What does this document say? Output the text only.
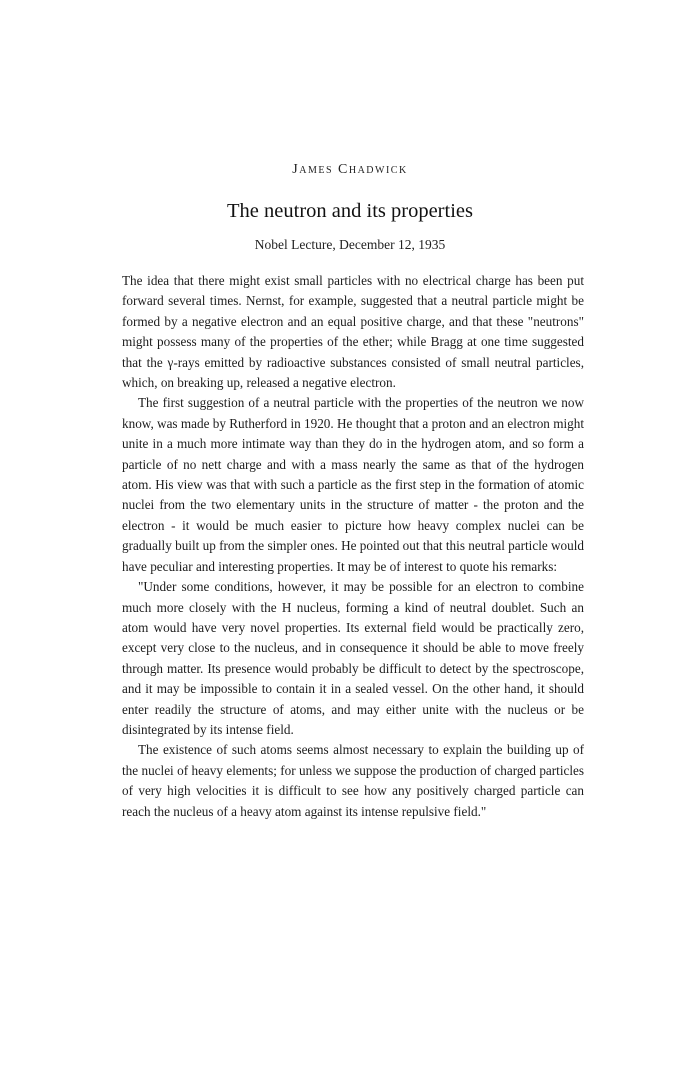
James Chadwick
The neutron and its properties
Nobel Lecture, December 12, 1935

The idea that there might exist small particles with no electrical charge has been put forward several times. Nernst, for example, suggested that a neutral particle might be formed by a negative electron and an equal positive charge, and that these "neutrons" might possess many of the properties of the ether; while Bragg at one time suggested that the γ-rays emitted by radioactive substances consisted of small neutral particles, which, on breaking up, released a negative electron.

The first suggestion of a neutral particle with the properties of the neutron we now know, was made by Rutherford in 1920. He thought that a proton and an electron might unite in a much more intimate way than they do in the hydrogen atom, and so form a particle of no nett charge and with a mass nearly the same as that of the hydrogen atom. His view was that with such a particle as the first step in the formation of atomic nuclei from the two elementary units in the structure of matter - the proton and the electron - it would be much easier to picture how heavy complex nuclei can be gradually built up from the simpler ones. He pointed out that this neutral particle would have peculiar and interesting properties. It may be of interest to quote his remarks:

"Under some conditions, however, it may be possible for an electron to combine much more closely with the H nucleus, forming a kind of neutral doublet. Such an atom would have very novel properties. Its external field would be practically zero, except very close to the nucleus, and in consequence it should be able to move freely through matter. Its presence would probably be difficult to detect by the spectroscope, and it may be impossible to contain it in a sealed vessel. On the other hand, it should enter readily the structure of atoms, and may either unite with the nucleus or be disintegrated by its intense field.

The existence of such atoms seems almost necessary to explain the building up of the nuclei of heavy elements; for unless we suppose the production of charged particles of very high velocities it is difficult to see how any positively charged particle can reach the nucleus of a heavy atom against its intense repulsive field."
